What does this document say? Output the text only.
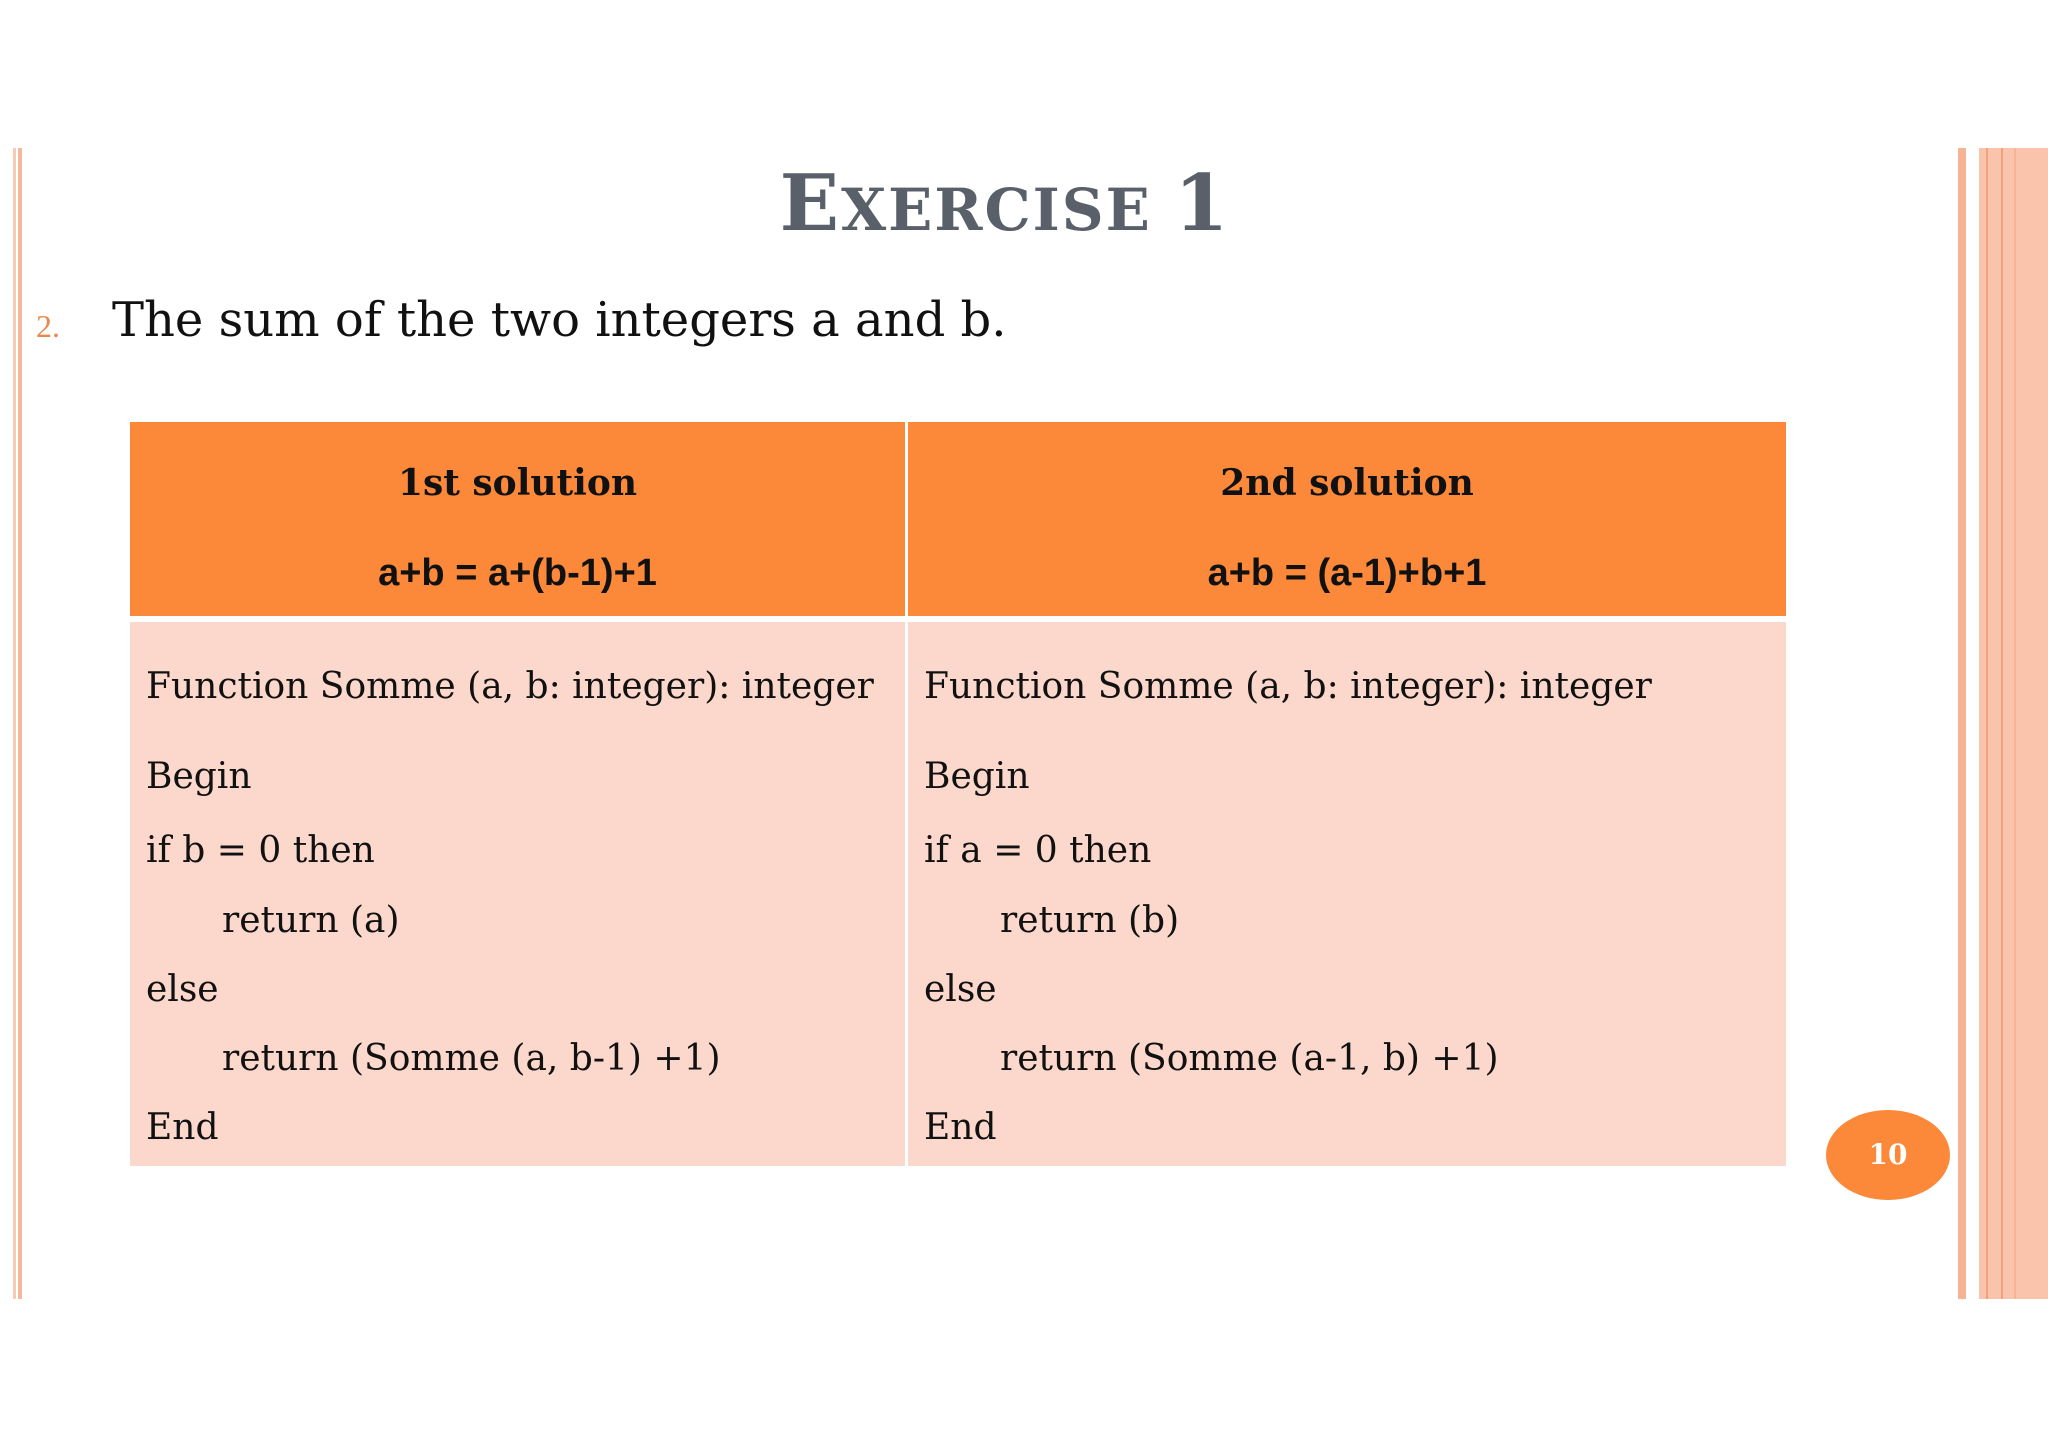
EXERCISE 1
2. The sum of the two integers a and b.
1st solution
a+b = a+(b-1)+1
Function Somme (a, b: integer): integer
Begin
if b = 0 then
return (a)
else
return (Somme (a, b-1) +1)
End
2nd solution
a+b = (a-1)+b+1
Function Somme (a, b: integer): integer
Begin
if a = 0 then
return (b)
else
return (Somme (a-1, b) +1)
End
10
